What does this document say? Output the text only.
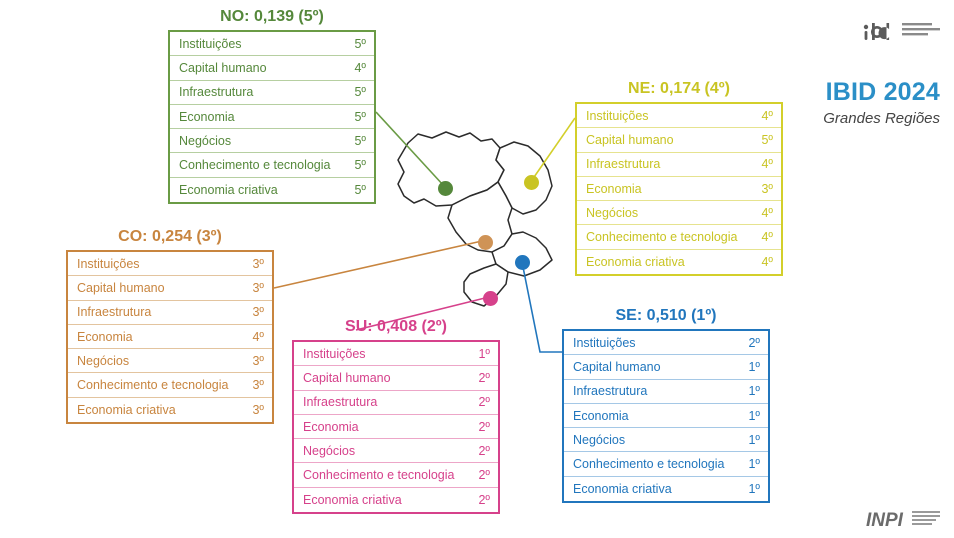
IBID 2024
Grandes Regiões
INPI
NO: 0,139 (5º)
Instituições	5º
Capital humano	4º
Infraestrutura	5º
Economia	5º
Negócios	5º
Conhecimento e tecnologia	5º
Economia criativa	5º
NE: 0,174 (4º)
Instituições	4º
Capital humano	5º
Infraestrutura	4º
Economia	3º
Negócios	4º
Conhecimento e tecnologia	4º
Economia criativa	4º
CO: 0,254 (3º)
Instituições	3º
Capital humano	3º
Infraestrutura	3º
Economia	4º
Negócios	3º
Conhecimento e tecnologia	3º
Economia criativa	3º
SU: 0,408 (2º)
Instituições	1º
Capital humano	2º
Infraestrutura	2º
Economia	2º
Negócios	2º
Conhecimento e tecnologia	2º
Economia criativa	2º
SE: 0,510 (1º)
Instituições	2º
Capital humano	1º
Infraestrutura	1º
Economia	1º
Negócios	1º
Conhecimento e tecnologia	1º
Economia criativa	1º
